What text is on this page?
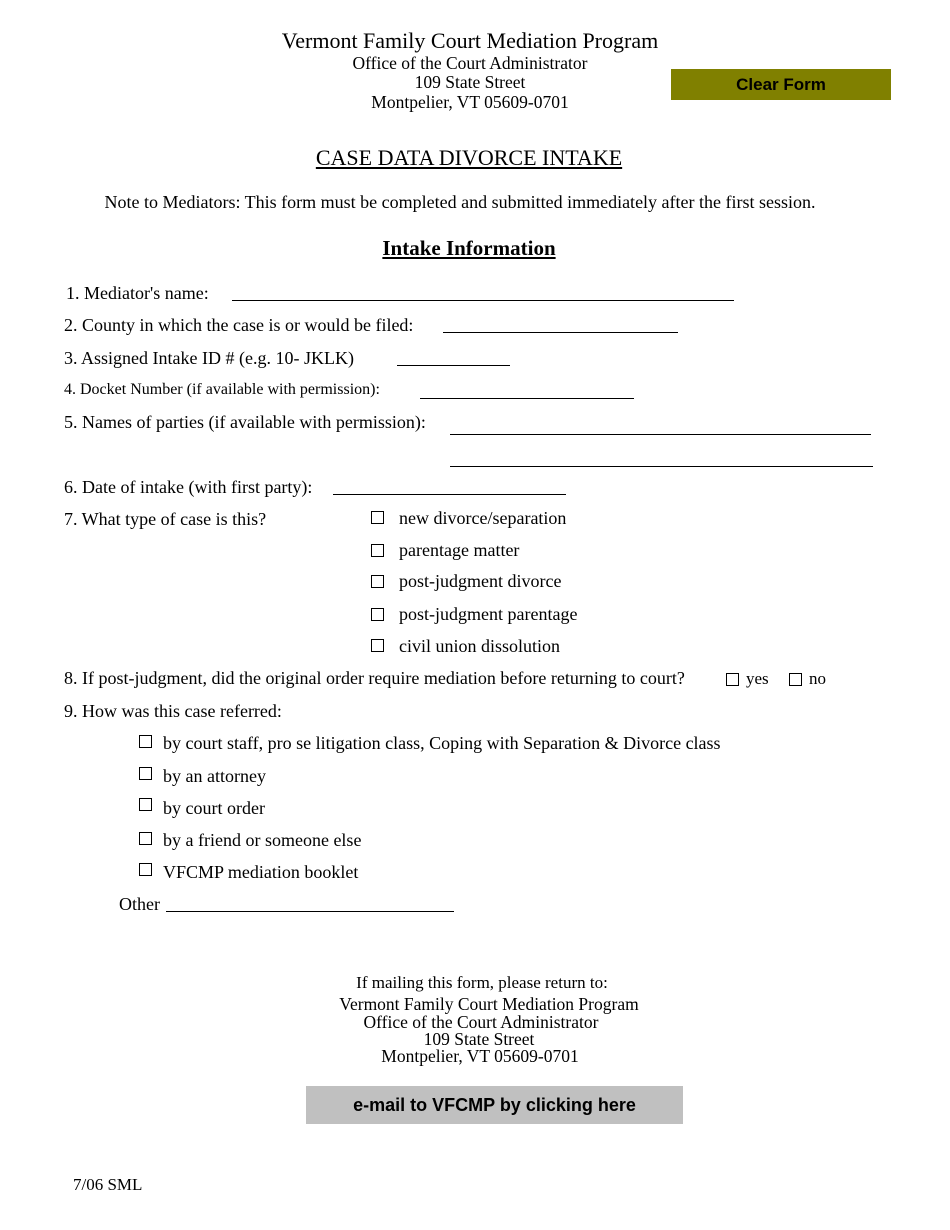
Vermont Family Court Mediation Program
Office of the Court Administrator
109 State Street
Montpelier, VT 05609-0701
Clear Form
CASE DATA DIVORCE INTAKE
Note to Mediators: This form must be completed and submitted immediately after the first session.
Intake Information
1. Mediator's name:
2. County in which the case is or would be filed:
3. Assigned Intake ID # (e.g. 10- JKLK)
4. Docket Number (if available with permission):
5. Names of parties (if available with permission):
6. Date of intake (with first party):
7. What type of case is this?	new divorce/separation
parentage matter
post-judgment divorce
post-judgment parentage
civil union dissolution
8. If post-judgment, did the original order require mediation before returning to court?	yes no
9. How was this case referred:
by court staff, pro se litigation class, Coping with Separation & Divorce class
by an attorney
by court order
by a friend or someone else
VFCMP mediation booklet
Other
If mailing this form, please return to:
Vermont Family Court Mediation Program
Office of the Court Administrator
109 State Street
Montpelier, VT 05609-0701
e-mail to VFCMP by clicking here
7/06 SML
